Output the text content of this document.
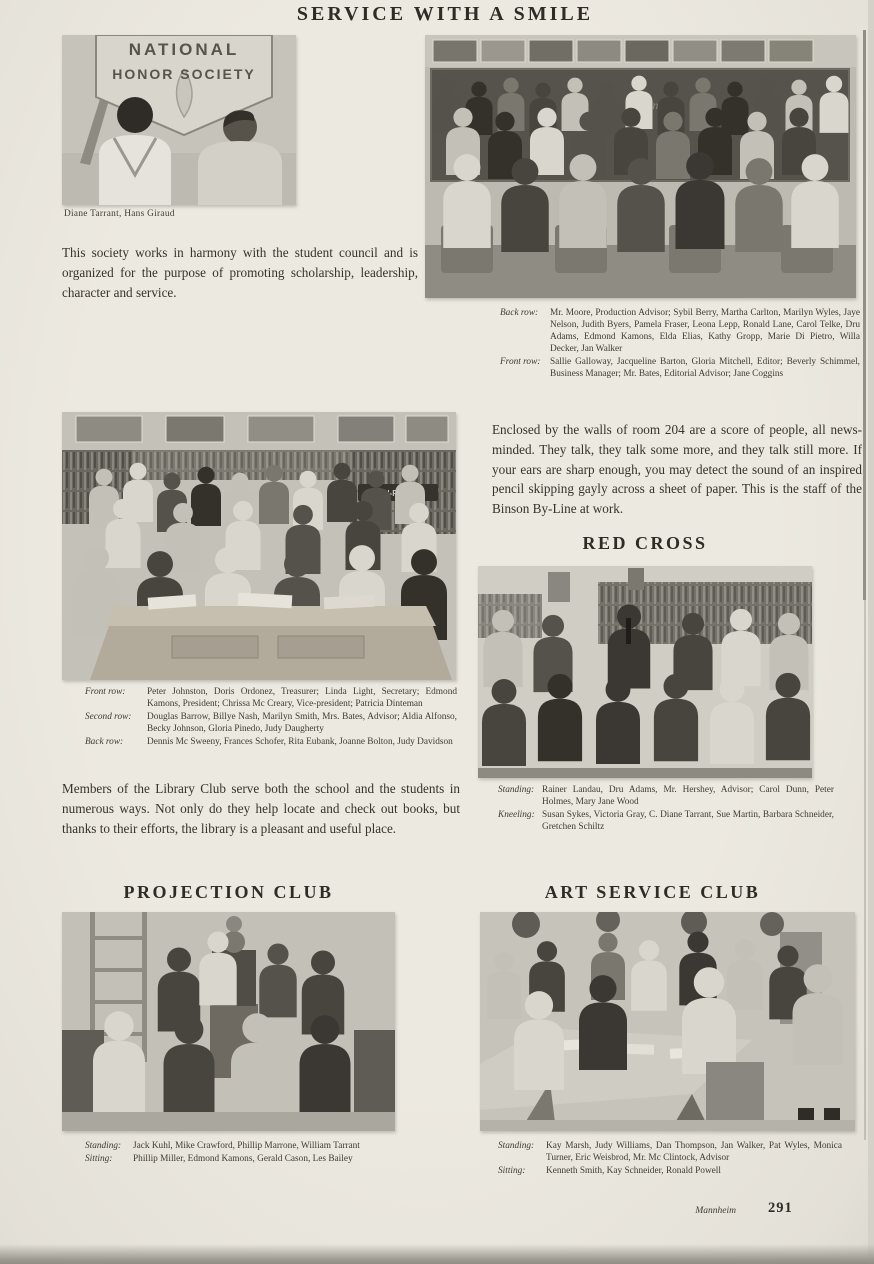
SERVICE WITH A SMILE
NATIONAL
HONOR SOCIETY
Diane Tarrant, Hans Giraud
This society works in harmony with the student council and is organized for the purpose of promoting scholarship, leadership, character and service.
Back row:	Mr. Moore, Production Advisor; Sybil Berry, Martha Carlton, Marilyn Wyles, Jaye Nelson, Judith Byers, Pamela Fraser, Leona Lepp, Ronald Lane, Carol Telke, Dru Adams, Edmond Kamons, Elda Elias, Kathy Gropp, Marie Di Pietro, Willa Decker, Jan Walker
Front row:	Sallie Galloway, Jacqueline Barton, Gloria Mitchell, Editor; Beverly Schimmel, Business Manager; Mr. Bates, Editorial Advisor; Jane Coggins
Front row:	Peter Johnston, Doris Ordonez, Treasurer; Linda Light, Secretary; Edmond Kamons, President; Chrissa Mc Creary, Vice-president; Patricia Dinteman
Second row:	Douglas Barrow, Billye Nash, Marilyn Smith, Mrs. Bates, Advisor; Aldia Alfonso, Becky Johnson, Gloria Pinedo, Judy Daugherty
Back row:	Dennis Mc Sweeny, Frances Schofer, Rita Eubank, Joanne Bolton, Judy Davidson
Members of the Library Club serve both the school and the students in numerous ways. Not only do they help locate and check out books, but thanks to their efforts, the library is a pleasant and useful place.
Enclosed by the walls of room 204 are a score of people, all news-minded. They talk, they talk some more, and they talk still more. If your ears are sharp enough, you may detect the sound of an inspired pencil skipping gayly across a sheet of paper. This is the staff of the Binson By-Line at work.
RED CROSS
Standing: Rainer Landau, Dru Adams, Mr. Hershey, Advisor; Carol Dunn, Peter Holmes, Mary Jane Wood
Kneeling: Susan Sykes, Victoria Gray, C. Diane Tarrant, Sue Martin, Barbara Schneider, Gretchen Schiltz
PROJECTION CLUB
Standing:	Jack Kuhl, Mike Crawford, Phillip Marrone, William Tarrant
Sitting:	Phillip Miller, Edmond Kamons, Gerald Cason, Les Bailey
ART SERVICE CLUB
Standing:	Kay Marsh, Judy Williams, Dan Thompson, Jan Walker, Pat Wyles, Monica Turner, Eric Weisbrod, Mr. Mc Clintock, Advisor
Sitting:	Kenneth Smith, Kay Schneider, Ronald Powell
Mannheim 291
